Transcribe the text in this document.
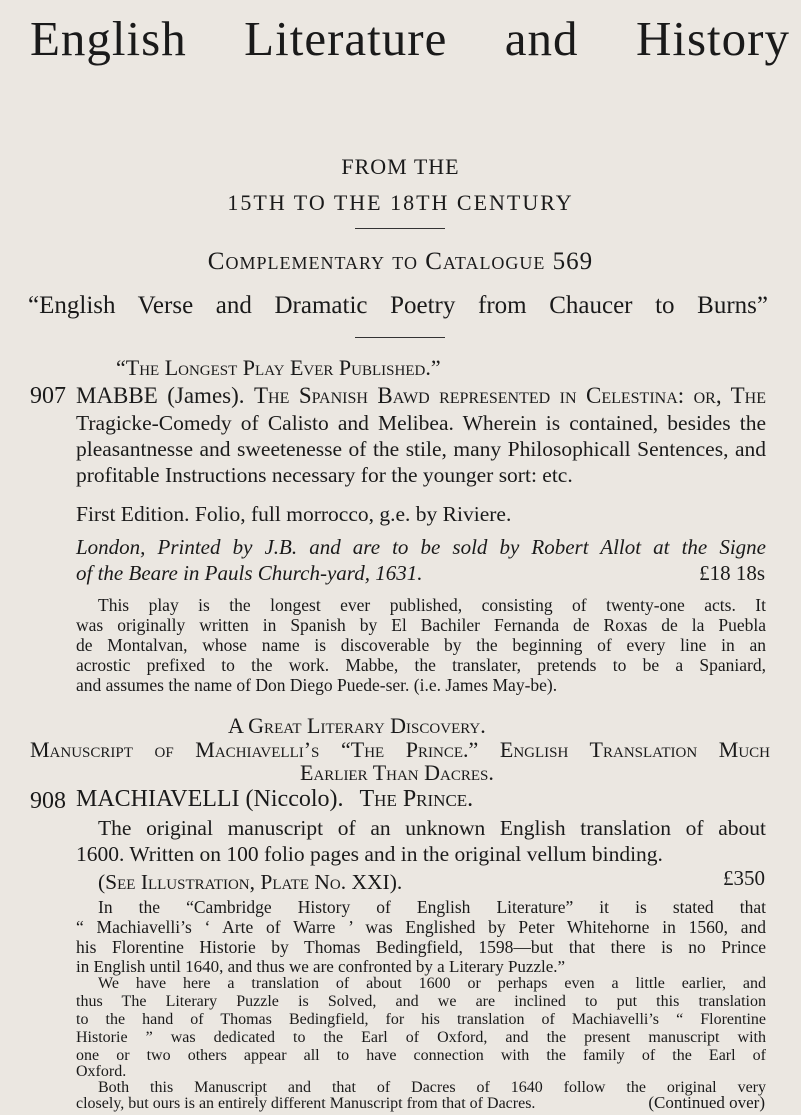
English Literature and History
FROM THE
15TH TO THE 18TH CENTURY
Complementary to Catalogue 569
“English Verse and Dramatic Poetry from Chaucer to Burns”
“The Longest Play Ever Published.”
907 MABBE (James). The Spanish Bawd represented in Celestina: or, The
Tragicke-Comedy of Calisto and Melibea. Wherein is contained, besides the
pleasantnesse and sweetenesse of the stile, many Philosophicall Sentences, and
profitable Instructions necessary for the younger sort: etc.
First Edition. Folio, full morrocco, g.e. by Riviere.
London, Printed by J.B. and are to be sold by Robert Allot at the Signe
of the Beare in Pauls Church-yard, 1631.	£18 18s
This play is the longest ever published, consisting of twenty-one acts. It
was originally written in Spanish by El Bachiler Fernanda de Roxas de la Puebla
de Montalvan, whose name is discoverable by the beginning of every line in an
acrostic prefixed to the work. Mabbe, the translater, pretends to be a Spaniard,
and assumes the name of Don Diego Puede-ser. (i.e. James May-be).
A Great Literary Discovery.
Manuscript of Machiavelli’s “The Prince.” English Translation Much
Earlier Than Dacres.
908 MACHIAVELLI (Niccolo). The Prince.
The original manuscript of an unknown English translation of about
1600. Written on 100 folio pages and in the original vellum binding.
(See Illustration, Plate No. XXI).	£350
In the “Cambridge History of English Literature” it is stated that
“ Machiavelli’s ‘ Arte of Warre ’ was Englished by Peter Whitehorne in 1560, and
his Florentine Historie by Thomas Bedingfield, 1598—but that there is no Prince
in English until 1640, and thus we are confronted by a Literary Puzzle.”
We have here a translation of about 1600 or perhaps even a little earlier, and
thus The Literary Puzzle is Solved, and we are inclined to put this translation
to the hand of Thomas Bedingfield, for his translation of Machiavelli’s “ Florentine
Historie ” was dedicated to the Earl of Oxford, and the present manuscript with
one or two others appear all to have connection with the family of the Earl of
Oxford.
Both this Manuscript and that of Dacres of 1640 follow the original very
closely, but ours is an entirely different Manuscript from that of Dacres.	(Continued over)
